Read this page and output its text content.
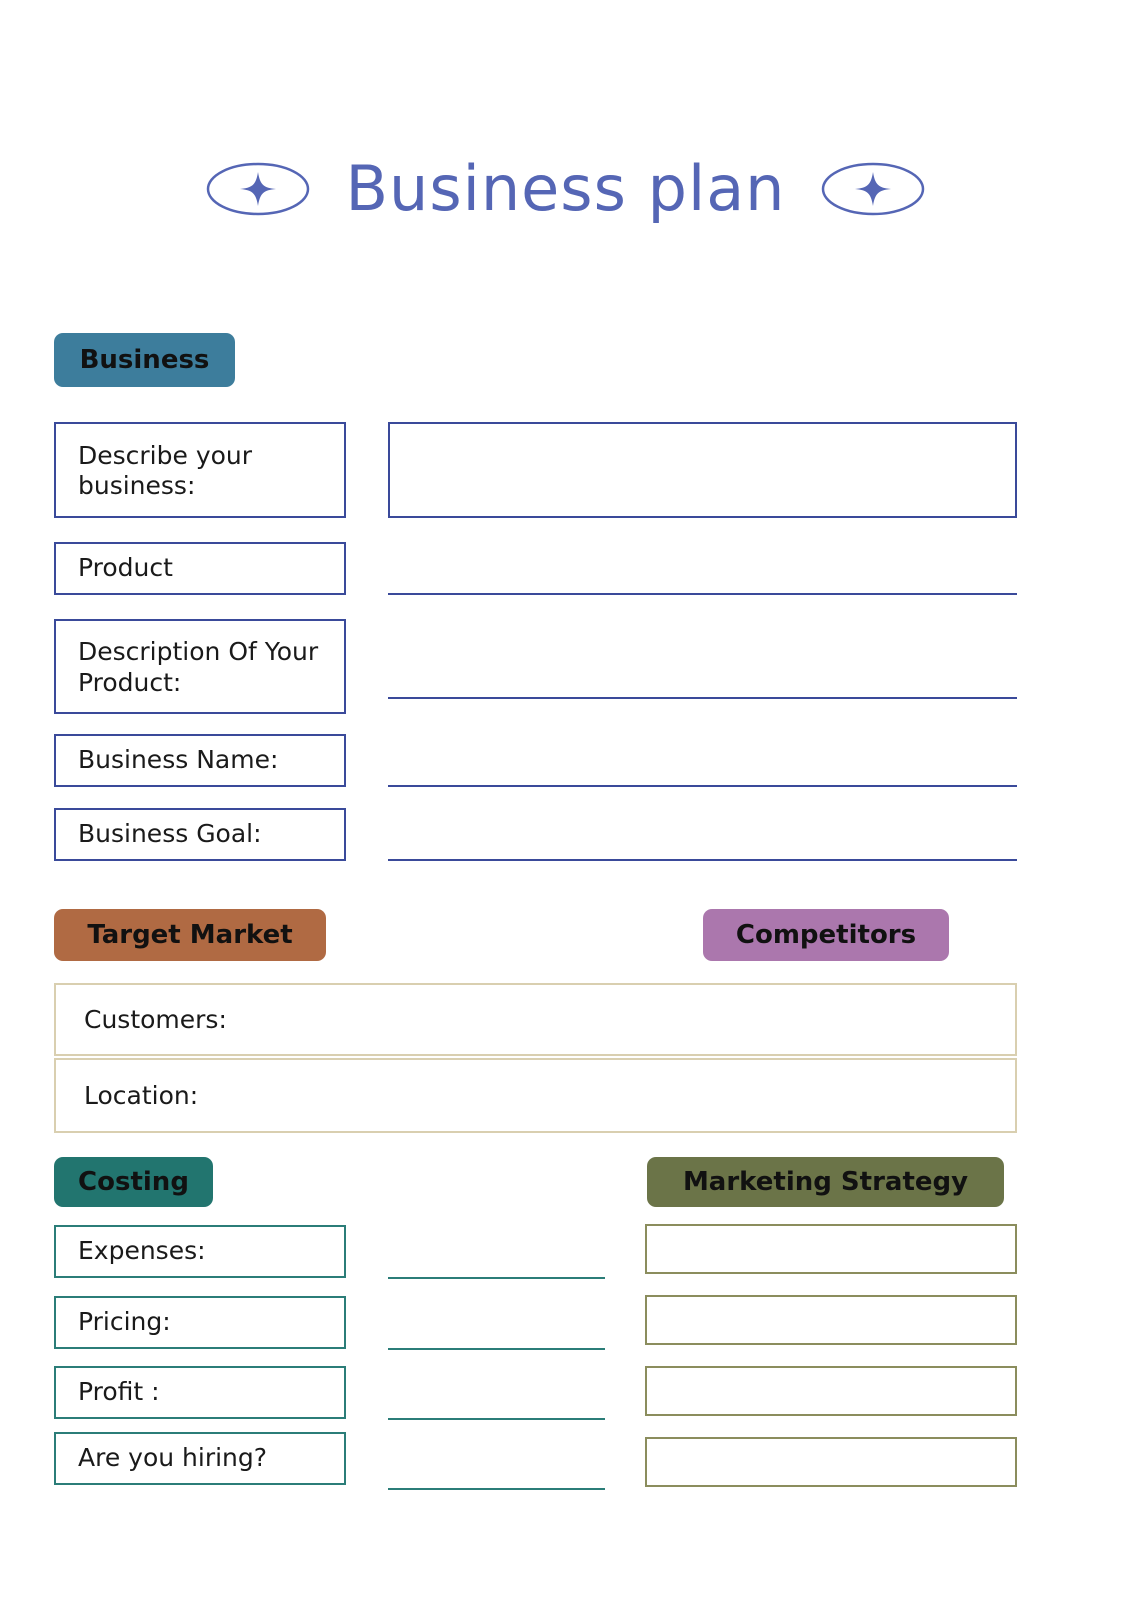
Business plan
Business
Describe your business:
Product
Description Of Your Product:
Business Name:
Business Goal:
Target Market	Competitors
Customers:
Location:
Costing	Marketing Strategy
Expenses:
Pricing:
Profit :
Are you hiring?
